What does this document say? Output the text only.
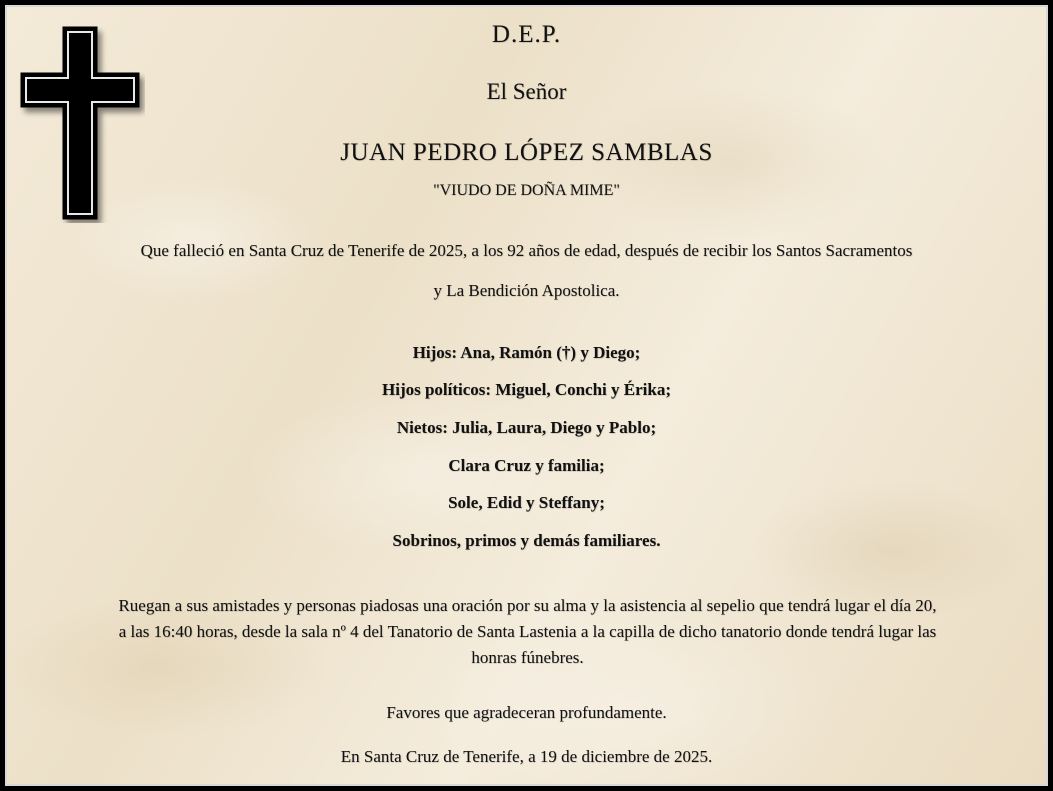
D.E.P.

El Señor

JUAN PEDRO LÓPEZ SAMBLAS

"VIUDO DE DOÑA MIME"

Que falleció en Santa Cruz de Tenerife de 2025, a los 92 años de edad, después de recibir los Santos Sacramentos

y La Bendición Apostolica.

Hijos: Ana, Ramón (†) y Diego;

Hijos políticos: Miguel, Conchi y Érika;

Nietos: Julia, Laura, Diego y Pablo;

Clara Cruz y familia;

Sole, Edid y Steffany;

Sobrinos, primos y demás familiares.

Ruegan a sus amistades y personas piadosas una oración por su alma y la asistencia al sepelio que tendrá lugar el día 20,
a las 16:40 horas, desde la sala nº 4 del Tanatorio de Santa Lastenia a la capilla de dicho tanatorio donde tendrá lugar las
honras fúnebres.

Favores que agradeceran profundamente.

En Santa Cruz de Tenerife, a 19 de diciembre de 2025.
